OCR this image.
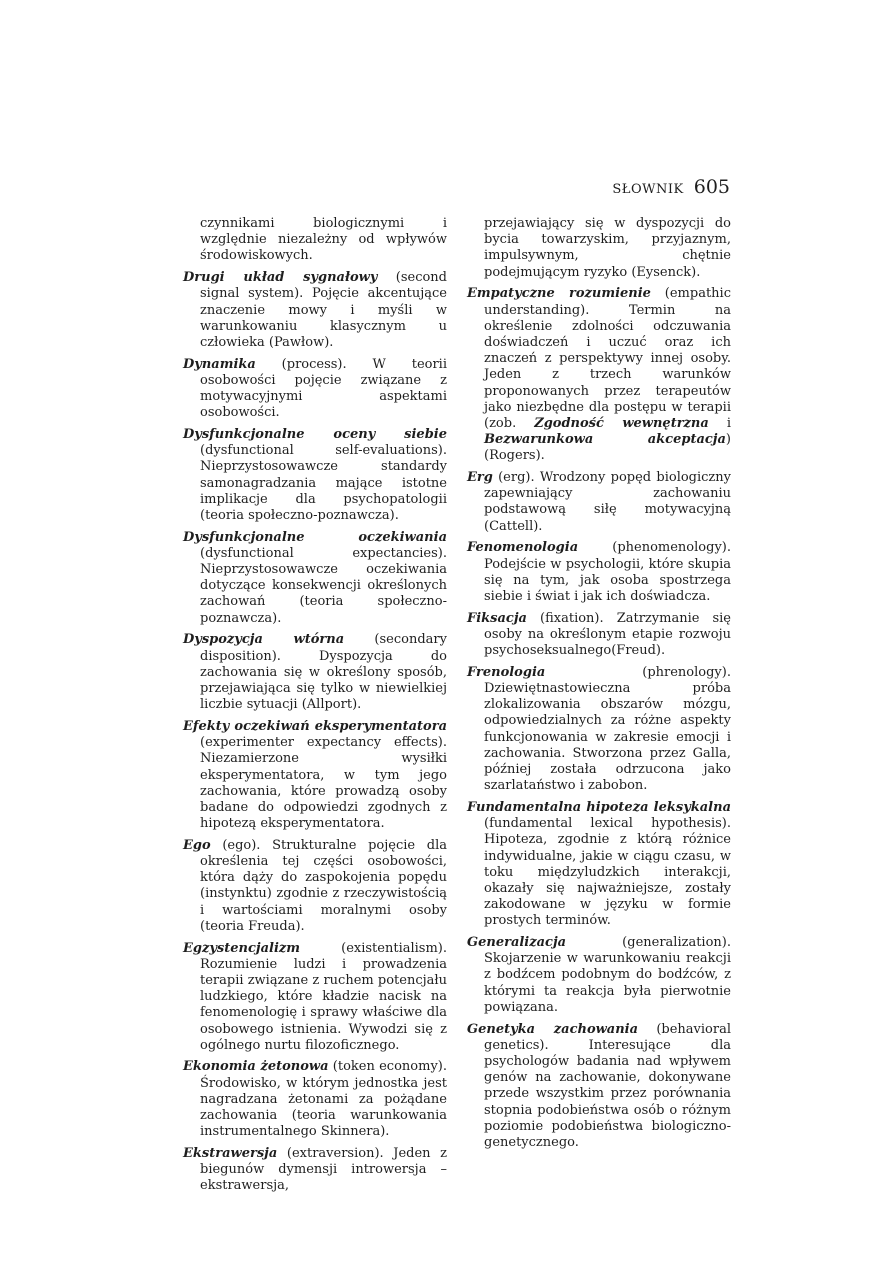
SŁOWNIK 605

czynnikami biologicznymi i względnie niezależny od wpływów środowiskowych.

Drugi układ sygnałowy (second signal system). Pojęcie akcentujące znaczenie mowy i myśli w warunkowaniu klasycznym u człowieka (Pawłow).

Dynamika (process). W teorii osobowości pojęcie związane z motywacyjnymi aspektami osobowości.

Dysfunkcjonalne oceny siebie (dysfunctional self-evaluations). Nieprzystosowawcze standardy samonagradzania mające istotne implikacje dla psychopatologii (teoria społeczno-poznawcza).

Dysfunkcjonalne oczekiwania (dysfunctional expectancies). Nieprzystosowawcze oczekiwania dotyczące konsekwencji określonych zachowań (teoria społeczno-poznawcza).

Dyspozycja wtórna (secondary disposition). Dyspozycja do zachowania się w określony sposób, przejawiająca się tylko w niewielkiej liczbie sytuacji (Allport).

Efekty oczekiwań eksperymentatora (experimenter expectancy effects). Niezamierzone wysiłki eksperymentatora, w tym jego zachowania, które prowadzą osoby badane do odpowiedzi zgodnych z hipotezą eksperymentatora.

Ego (ego). Strukturalne pojęcie dla określenia tej części osobowości, która dąży do zaspokojenia popędu (instynktu) zgodnie z rzeczywistością i wartościami moralnymi osoby (teoria Freuda).

Egzystencjalizm (existentialism). Rozumienie ludzi i prowadzenia terapii związane z ruchem potencjału ludzkiego, które kładzie nacisk na fenomenologię i sprawy właściwe dla osobowego istnienia. Wywodzi się z ogólnego nurtu filozoficznego.

Ekonomia żetonowa (token economy). Środowisko, w którym jednostka jest nagradzana żetonami za pożądane zachowania (teoria warunkowania instrumentalnego Skinnera).

Ekstrawersja (extraversion). Jeden z biegunów dymensji introwersja – ekstrawersja,

przejawiający się w dyspozycji do bycia towarzyskim, przyjaznym, impulsywnym, chętnie podejmującym ryzyko (Eysenck).

Empatyczne rozumienie (empathic understanding). Termin na określenie zdolności odczuwania doświadczeń i uczuć oraz ich znaczeń z perspektywy innej osoby. Jeden z trzech warunków proponowanych przez terapeutów jako niezbędne dla postępu w terapii (zob. Zgodność wewnętrzna i Bezwarunkowa akceptacja) (Rogers).

Erg (erg). Wrodzony popęd biologiczny zapewniający zachowaniu podstawową siłę motywacyjną (Cattell).

Fenomenologia (phenomenology). Podejście w psychologii, które skupia się na tym, jak osoba spostrzega siebie i świat i jak ich doświadcza.

Fiksacja (fixation). Zatrzymanie się osoby na określonym etapie rozwoju psychoseksualnego(Freud).

Frenologia (phrenology). Dziewiętnastowieczna próba zlokalizowania obszarów mózgu, odpowiedzialnych za różne aspekty funkcjonowania w zakresie emocji i zachowania. Stworzona przez Galla, później została odrzucona jako szarlataństwo i zabobon.

Fundamentalna hipoteza leksykalna (fundamental lexical hypothesis). Hipoteza, zgodnie z którą różnice indywidualne, jakie w ciągu czasu, w toku międzyludzkich interakcji, okazały się najważniejsze, zostały zakodowane w języku w formie prostych terminów.

Generalizacja (generalization). Skojarzenie w warunkowaniu reakcji z bodźcem podobnym do bodźców, z którymi ta reakcja była pierwotnie powiązana.

Genetyka zachowania (behavioral genetics). Interesujące dla psychologów badania nad wpływem genów na zachowanie, dokonywane przede wszystkim przez porównania stopnia podobieństwa osób o różnym poziomie podobieństwa biologiczno-genetycznego.
